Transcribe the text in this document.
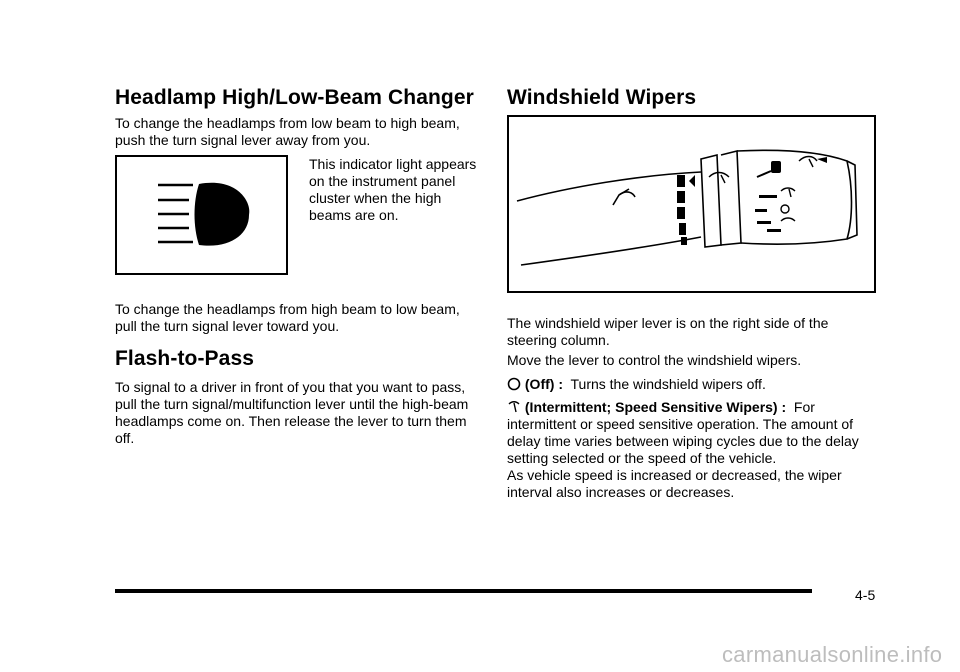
Headlamp High/Low-Beam Changer

To change the headlamps from low beam to high beam, push the turn signal lever away from you.

This indicator light appears on the instrument panel cluster when the high beams are on.

To change the headlamps from high beam to low beam, pull the turn signal lever toward you.

Flash-to-Pass

To signal to a driver in front of you that you want to pass, pull the turn signal/multifunction lever until the high-beam headlamps come on. Then release the lever to turn them off.

Windshield Wipers

The windshield wiper lever is on the right side of the steering column.

Move the lever to control the windshield wipers.

(Off) : Turns the windshield wipers off.

(Intermittent; Speed Sensitive Wipers) : For intermittent or speed sensitive operation. The amount of delay time varies between wiping cycles due to the delay setting selected or the speed of the vehicle.

As vehicle speed is increased or decreased, the wiper interval also increases or decreases.

4-5
carmanualsonline.info
